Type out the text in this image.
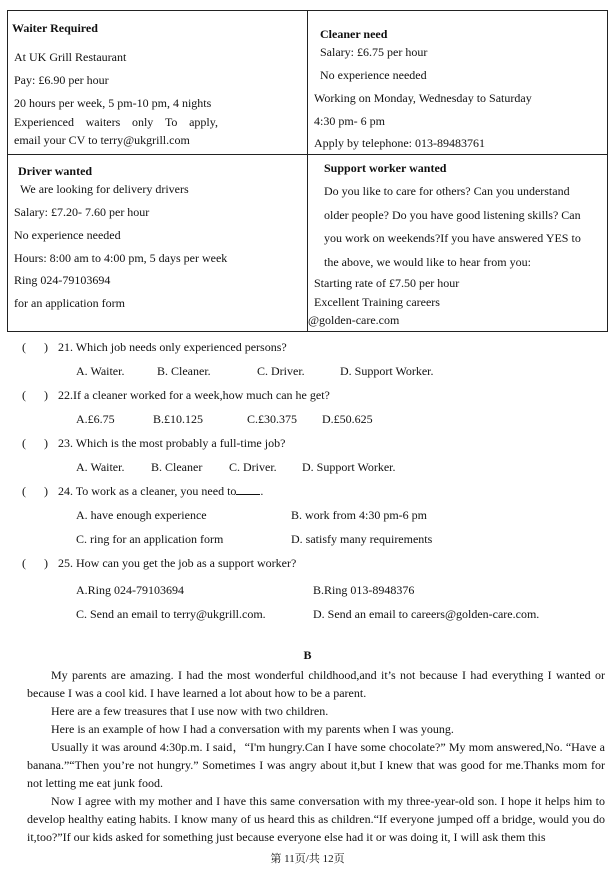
Waiter Required
At UK Grill Restaurant
Pay: £6.90 per hour
20 hours per week, 5 pm-10 pm, 4 nights
Experienced waiters only To apply,
email your CV to terry@ukgrill.com
Cleaner need
Salary: £6.75 per hour
No experience needed
Working on Monday, Wednesday to Saturday
4:30 pm- 6 pm
Apply by telephone: 013-89483761
Driver wanted
We are looking for delivery drivers
Salary: £7.20- 7.60 per hour
No experience needed
Hours: 8:00 am to 4:00 pm, 5 days per week
Ring 024-79103694
for an application form
Support worker wanted
Do you like to care for others? Can you understand
older people? Do you have good listening skills? Can
you work on weekends?If you have answered YES to
the above, we would like to hear from you:
Starting rate of £7.50 per hour
Excellent Training careers
@golden-care.com
( ) 21. Which job needs only experienced persons?
A. Waiter.	B. Cleaner.	C. Driver.	D. Support Worker.
( ) 22.If a cleaner worked for a week,how much can he get?
A.£6.75	B.£10.125	C.£30.375 D.£50.625
( ) 23. Which is the most probably a full-time job?
A. Waiter. B. Cleaner C. Driver. D. Support Worker.
( ) 24. To work as a cleaner, you need to .
A. have enough experience	B. work from 4:30 pm-6 pm
C. ring for an application form	D. satisfy many requirements
( ) 25. How can you get the job as a support worker?
A.Ring 024-79103694	B.Ring 013-8948376
C. Send an email to terry@ukgrill.com.	D. Send an email to careers@golden-care.com.
B

My parents are amazing. I had the most wonderful childhood,and it’s not because I had everything I wanted or because I was a cool kid. I have learned a lot about how to be a parent.

Here are a few treasures that I use now with two children.

Here is an example of how I had a conversation with my parents when I was young.

Usually it was around 4:30p.m. I said，“I'm hungry.Can I have some chocolate?” My mom answered,No. “Have a banana.”“Then you’re not hungry.” Sometimes I was angry about it,but I knew that was good for me.Thanks mom for not letting me eat junk food.

Now I agree with my mother and I have this same conversation with my three-year-old son. I hope it helps him to develop healthy eating habits. I know many of us heard this as children.“If everyone jumped off a bridge, would you do it,too?”If our kids asked for something just because everyone else had it or was doing it, I will ask them this

第 11页/共 12页
